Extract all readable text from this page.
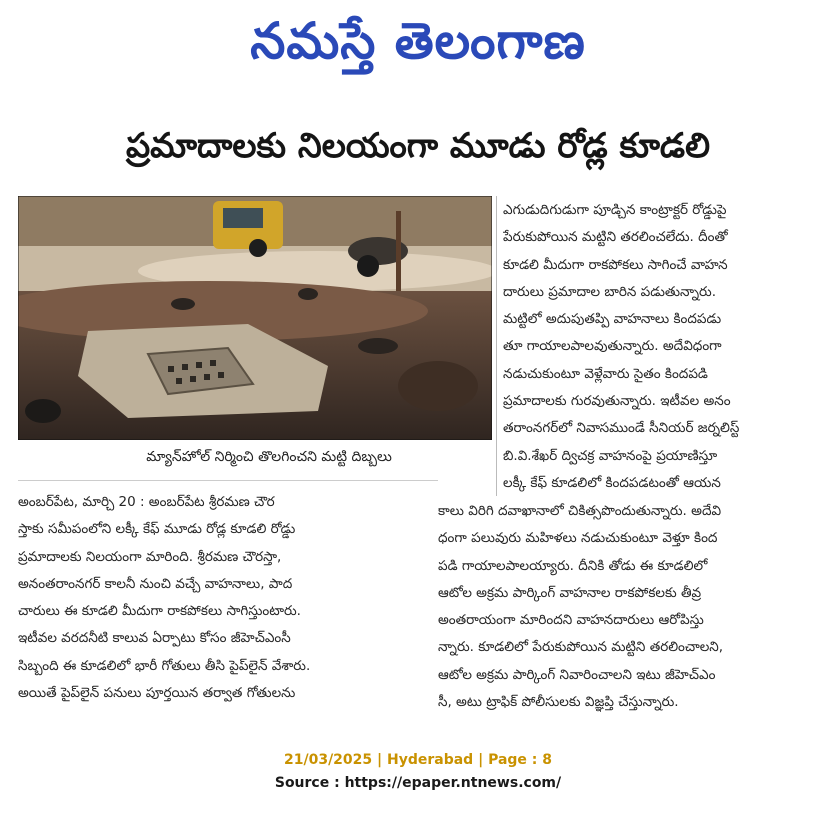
నమస్తే తెలంగాణ
ప్రమాదాలకు నిలయంగా మూడు రోడ్ల కూడలి
మ్యాన్‌హోల్ నిర్మించి తొలగించని మట్టి దిబ్బలు

అంబర్‌పేట, మార్చి 20 : అంబర్‌పేట శ్రీరమణ చౌర

స్తాకు సమీపంలోని లక్కీ కేఫ్ మూడు రోడ్ల కూడలి రోడ్డు

ప్రమాదాలకు నిలయంగా మారింది. శ్రీరమణ చౌరస్తా,

అనంతరాంనగర్ కాలనీ నుంచి వచ్చే వాహనాలు, పాద

చారులు ఈ కూడలి మీదుగా రాకపోకలు సాగిస్తుంటారు.

ఇటీవల వరదనీటి కాలువ ఏర్పాటు కోసం జీహెచ్ఎంసీ

సిబ్బంది ఈ కూడలిలో భారీ గోతులు తీసి పైప్‌లైన్ వేశారు.

అయితే పైప్‌లైన్ పనులు పూర్తయిన తర్వాత గోతులను

ఎగుడుదిగుడుగా పూడ్చిన కాంట్రాక్టర్ రోడ్డుపై

పేరుకుపోయిన మట్టిని తరలించలేదు. దీంతో

కూడలి మీదుగా రాకపోకలు సాగించే వాహన

దారులు ప్రమాదాల బారిన పడుతున్నారు.

మట్టిలో అదుపుతప్పి వాహనాలు కిందపడు

తూ గాయాలపాలవుతున్నారు. అదేవిధంగా

నడుచుకుంటూ వెళ్లేవారు సైతం కిందపడి

ప్రమాదాలకు గురవుతున్నారు. ఇటీవల అనం

తరాంనగర్‌లో నివాసముండే సీనియర్ జర్నలిస్ట్

బి.వి.శేఖర్ ద్విచక్ర వాహనంపై ప్రయాణిస్తూ

లక్కీ కేఫ్ కూడలిలో కిందపడటంతో ఆయన

కాలు విరిగి దవాఖానాలో చికిత్సపొందుతున్నారు. అదేవి

ధంగా పలువురు మహిళలు నడుచుకుంటూ వెళ్తూ కింద

పడి గాయాలపాలయ్యారు. దీనికి తోడు ఈ కూడలిలో

ఆటోల అక్రమ పార్కింగ్ వాహనాల రాకపోకలకు తీవ్ర

అంతరాయంగా మారిందని వాహనదారులు ఆరోపిస్తు

న్నారు. కూడలిలో పేరుకుపోయిన మట్టిని తరలించాలని,

ఆటోల అక్రమ పార్కింగ్ నివారించాలని ఇటు జీహెచ్ఎం

సీ, అటు ట్రాఫిక్ పోలీసులకు విజ్ఞప్తి చేస్తున్నారు.

21/03/2025 | Hyderabad | Page : 8
Source : https://epaper.ntnews.com/
